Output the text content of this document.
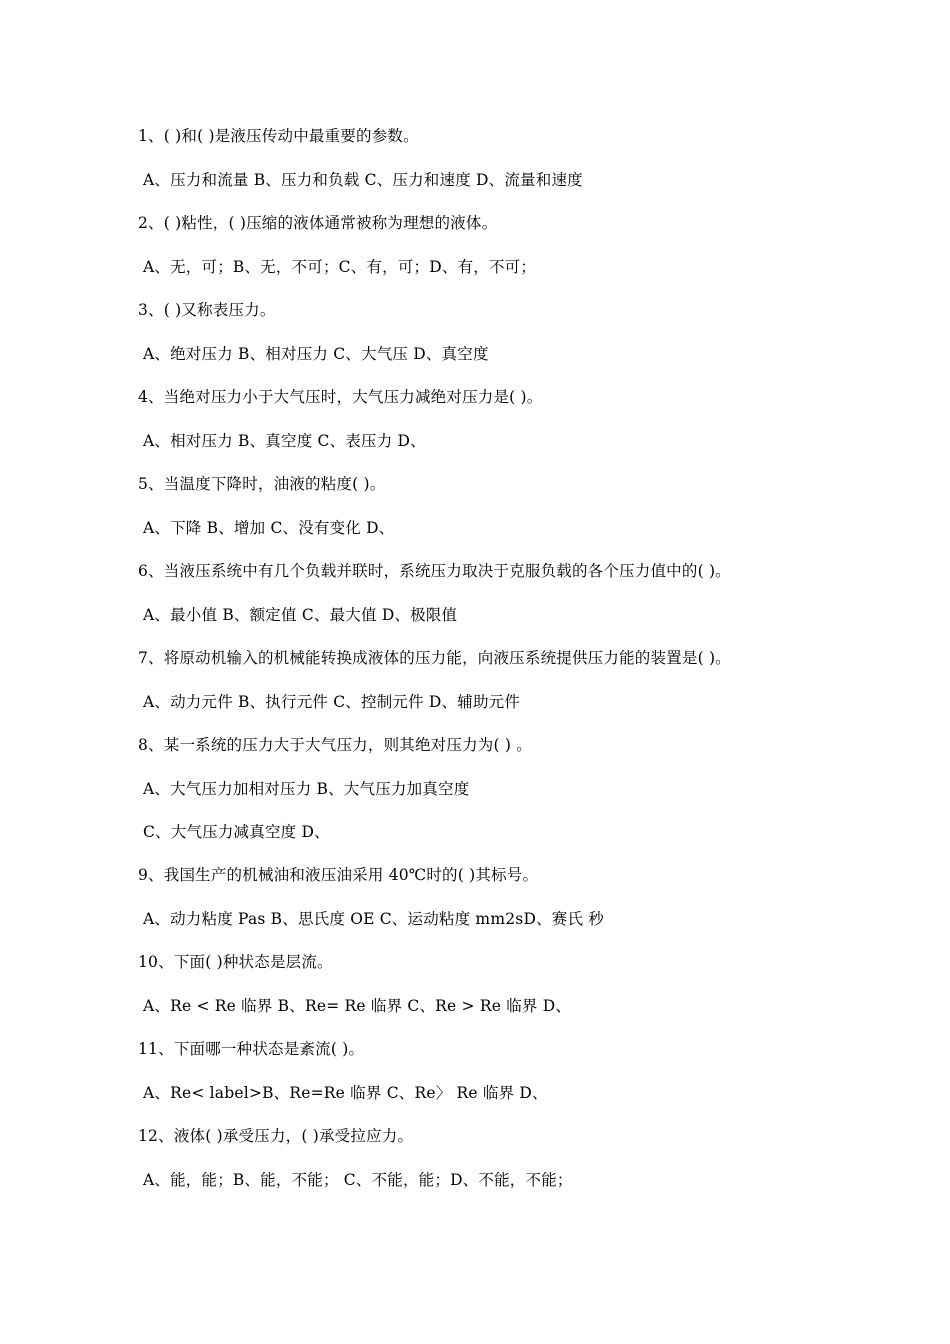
1、( )和( )是液压传动中最重要的参数。
A、压力和流量 B、压力和负载 C、压力和速度 D、流量和速度
2、( )粘性，( )压缩的液体通常被称为理想的液体。
A、无，可；B、无，不可；C、有，可；D、有，不可；
3、( )又称表压力。
A、绝对压力 B、相对压力 C、大气压 D、真空度
4、当绝对压力小于大气压时，大气压力减绝对压力是( )。
A、相对压力 B、真空度 C、表压力 D、
5、当温度下降时，油液的粘度( )。
A、下降 B、增加 C、没有变化 D、
6、当液压系统中有几个负载并联时，系统压力取决于克服负载的各个压力值中的( )。
A、最小值 B、额定值 C、最大值 D、极限值
7、将原动机输入的机械能转换成液体的压力能，向液压系统提供压力能的装置是( )。
A、动力元件 B、执行元件 C、控制元件 D、辅助元件
8、某一系统的压力大于大气压力，则其绝对压力为( ) 。
A、大气压力加相对压力 B、大气压力加真空度
C、大气压力减真空度 D、
9、我国生产的机械油和液压油采用 40℃时的( )其标号。
A、动力粘度 Pas B、思氏度 OE C、运动粘度 mm2sD、赛氏 秒
10、下面( )种状态是层流。
A、Re < Re 临界 B、Re= Re 临界 C、Re > Re 临界 D、
11、下面哪一种状态是紊流( )。
A、Re< label>B、Re=Re 临界 C、Re〉 Re 临界 D、
12、液体( )承受压力，( )承受拉应力。
A、能，能；B、能，不能； C、不能，能；D、不能，不能；
